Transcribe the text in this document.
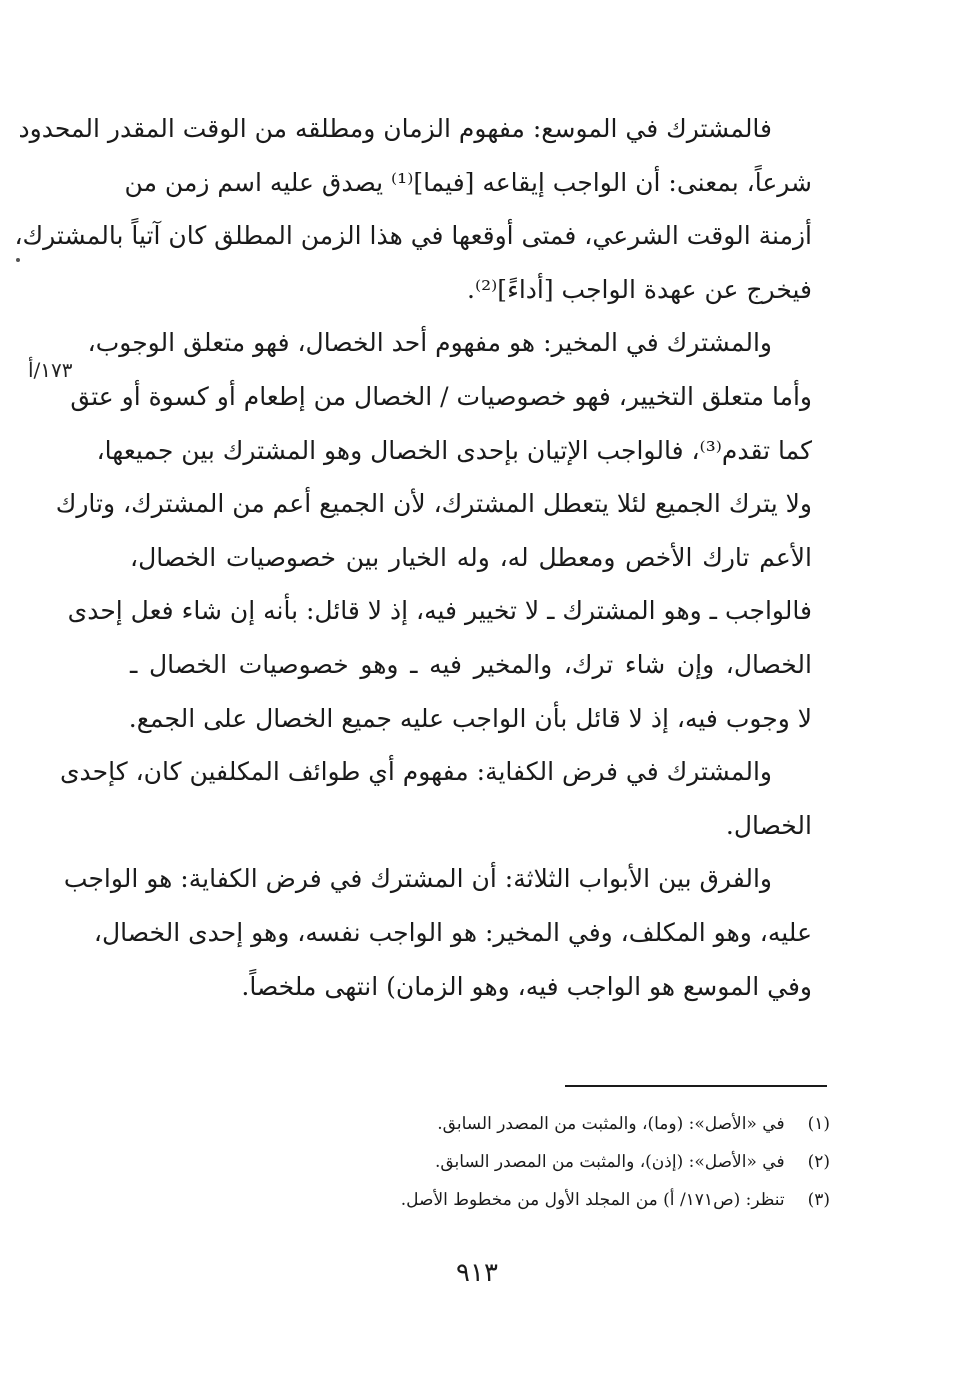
١٧٣/أ
فالمشترك في الموسع: مفهوم الزمان ومطلقه من الوقت المقدر المحدود
شرعاً، بمعنى: أن الواجب إيقاعه [فيما]⁽¹⁾ يصدق عليه اسم زمن من
أزمنة الوقت الشرعي، فمتى أوقعها في هذا الزمن المطلق كان آتياً بالمشترك،
فيخرج عن عهدة الواجب [أداءً]⁽²⁾.
والمشترك في المخير: هو مفهوم أحد الخصال، فهو متعلق الوجوب،
وأما متعلق التخيير، فهو خصوصيات / الخصال من إطعام أو كسوة أو عتق
كما تقدم⁽³⁾، فالواجب الإتيان بإحدى الخصال وهو المشترك بين جميعها،
ولا يترك الجميع لئلا يتعطل المشترك، لأن الجميع أعم من المشترك، وتارك
الأعم تارك الأخص ومعطل له، وله الخيار بين خصوصيات الخصال،
فالواجب ـ وهو المشترك ـ لا تخيير فيه، إذ لا قائل: بأنه إن شاء فعل إحدى
الخصال، وإن شاء ترك، والمخير فيه ـ وهو خصوصيات الخصال ـ
لا وجوب فيه، إذ لا قائل بأن الواجب عليه جميع الخصال على الجمع.
والمشترك في فرض الكفاية: مفهوم أي طوائف المكلفين كان، كإحدى
الخصال.
والفرق بين الأبواب الثلاثة: أن المشترك في فرض الكفاية: هو الواجب
عليه، وهو المكلف، وفي المخير: هو الواجب نفسه، وهو إحدى الخصال،
وفي الموسع هو الواجب فيه، وهو الزمان) انتهى ملخصاً.
(١) في «الأصل»: (وما)، والمثبت من المصدر السابق.
(٢) في «الأصل»: (إذن)، والمثبت من المصدر السابق.
(٣) تنظر: (ص١٧١/ أ) من المجلد الأول من مخطوط الأصل.
٩١٣
